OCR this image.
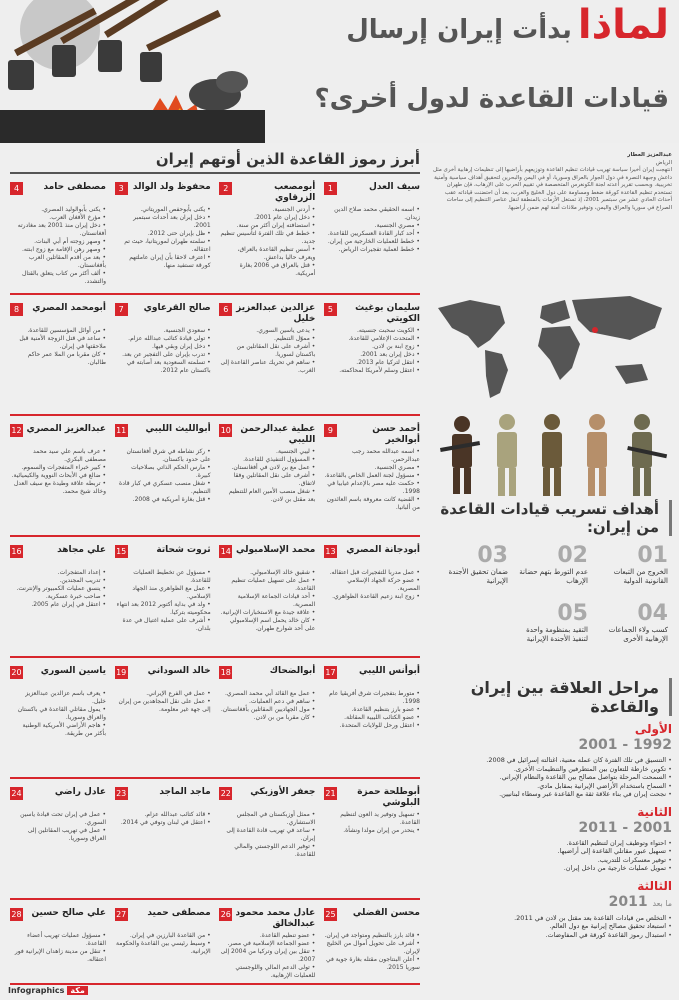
لماذابدأت إيران إرسال
قيادات القاعدة لدول أخرى؟
أبرز رموز القاعدة الذين أوتهم إيران
1	سيف العدل
• اسمه الحقيقي محمد صلاح الدين زيدان.
• مصري الجنسية.
• أحد كبار القادة العسكريين للقاعدة.
• خطط للعمليات الخارجية من إيران.
• خطط لعملية تفجيرات الرياض.
2	أبومصعب الزرقاوي
• أردني الجنسية.
• دخل إيران عام 2001.
• استضافته إيران أكثر من سنة.
• خطط في تلك الفترة لتأسيس تنظيم جديد.
• أسس تنظيم القاعدة بالعراق، ويعرف حاليا بداعش.
• قتل بالعراق في 2006 بغارة أمريكية.
3	محفوظ ولد الوالد
• يكنى بأبوحفص الموريتاني.
• دخل إيران بعد أحداث سبتمبر 2001.
• ظل بإيران حتى 2012.
• سلمته طهران لموريتانيا، حيث تم اعتقاله.
• اعترف لاحقا بأن إيران عاملتهم كورقة تستفيد منها.
4	مصطفى حامد
• يكنى بأبوالوليد المصري.
• مؤرخ الأفغان العرب.
• دخل إيران منذ 2001 بعد مغادرته أفغانستان.
• وصهر زوجته أم أبي البنات.
• وصهر رهن الإقامة مع زوج ابنته.
• بعد من أقدم المقاتلين العرب بأفغانستان.
• ألف أكثر من كتاب يتعلق بالقتال والتشدد.
5	سليمان بوغيث الكويتي
• الكويت سحبت جنسيته.
• المتحدث الإعلامي للقاعدة.
• زوج ابنة بن لادن.
• دخل إيران بعد 2001.
• انتقل لتركيا عام 2013.
• اعتقل وسلم لأمريكا لمحاكمته.
6 عزالدين عبدالعزيز خليل
• يدعى ياسين السوري.
• مموّل التنظيم.
• أشرف على نقل المقاتلين من باكستان لسوريا.
• ساهم في تحريك عناصر القاعدة إلى الغرب.
7	صالح القرعاوي
• سعودي الجنسية.
• تولى قيادة كتائب عبدالله عزام.
• دخل إيران وبقي فيها.
• تدرب بإيران على التفجير عن بعد.
• تسلمته السعودية بعد أصابته في باكستان عام 2012.
8	أبومحمد المصري
• من أوائل المؤسسين للقاعدة.
• ساعد في قتل الزوجة الأمنية قبل ملاحقتها في إيران.
• كان مقربا من الملا عمر حاكم طالبان.
9	أحمد حسن أبوالخير
• اسمه عبدالله محمد رجب عبدالرحمن.
• مصري الجنسية.
• مسؤول لجنة العمل الخاص بالقاعدة.
• حكمت عليه مصر بالإعدام غيابيا في 1998.
• القضية كانت معروفة باسم العائدون من ألبانيا.
10	عطية عبدالرحمن الليبي
• ليبي الجنسية.
• المسؤول التنفيذي للقاعدة.
• عمل مع بن لادن في أفغانستان.
• أشرف على نقل المقاتلين وفقا لاتفاق.
• شغل منصب الأمين العام للتنظيم بعد مقتل بن لادن.
11	أبوالليث الليبي
• ركز نشاطه في شرق أفغانستان على حدود باكستان.
• مارس الحكم الذاتي بصلاحيات كبيرة.
• شغل منصب عسكري في كبار قادة التنظيم.
• قتل بغارة أمريكية في 2008.
12 عبدالعزيز المصري
• عرف باسم علي سيد محمد مصطفى البكري.
• كبير خبراء المتفجرات والسموم.
• ضالع في الأبحاث النووية والكيميائية.
• تربطه علاقة وطيدة مع سيف العدل وخالد شيخ محمد.
13	أبودجانة المصري
• عمل مدربا للتفجيرات قبل اعتقاله.
• عضو حركة الجهاد الإسلامي المصرية.
• زوج ابنة زعيم القاعدة الظواهري.
14 محمد الإسلامبولي
• شقيق خالد الإسلامبولي.
• عمل على تسهيل عمليات تنظيم القاعدة.
• أحد قيادات الجماعة الإسلامية المصرية.
• علاقة جيدة مع الاستخبارات الإيرانية.
• كان خالد يحمل اسم الإسلامبولي على أحد شوارع طهران.
15	ثروت شحاتة
• مسؤول عن تخطيط العمليات للقاعدة.
• عمل مع الظواهري منذ الجهاد الإسلامي.
• ولد في بداية أكتوبر 2012 بعد انتهاء محكوميته بتركيا.
• أشرف على عملية اغتيال في عدة بلدان.
16	علي مجاهد
• إعداد المتفجرات.
• تدريب المجندين.
• ينسق عمليات الكمبيوتر والإنترنت.
• صاحب خبرة عسكرية.
• اعتقل في إيران عام 2005.
17	أبوأنس الليبي
• متورط بتفجيرات شرق أفريقيا عام 1998.
• عضو بارز بتنظيم القاعدة.
• عضو الكتائب الليبية المقاتلة.
• اعتقل ورحل للولايات المتحدة.
18	أبوالضحاك
• عمل مع القائد أبي محمد المصري.
• ساهم في دعم العمليات.
• مول الجهاديين المقاتلين بأفغانستان.
• كان مقربا من بن لادن.
19	خالد السوداني
• عمل في الفرع الإيراني.
• عمل على نقل المجاهدين من إيران إلى جهة غير معلومة.
20	ياسين السوري
• يعرف باسم عزالدين عبدالعزيز خليل.
• يمول مقاتلي القاعدة في باكستان والعراق وسوريا.
• هاجم الأراضي الأمريكية الوطنية بأكثر من طريقة.
21	أبوطلحة حمزة البلوشي
• تسهيل وتوفير يد العون لتنظيم القاعدة.
• ينحدر من إيران مولدا ونشأة.
22	جعفر الأوزبكي
• ممثل أوزبكستان في المجلس الاستشاري.
• ساعد في تهريب قادة القاعدة إلى إيران.
• توفير الدعم اللوجستي والمالي للقاعدة.
23	ماجد الماجد
• قائد كتائب عبدالله عزام.
• اعتقل في لبنان وتوفي في 2014.
24	عادل راضي
• عمل في إيران تحت قيادة ياسين السوري.
• عمل في تهريب المقاتلين إلى العراق وسوريا.
25	محسن الفضلي
• قائد بارز بالتنظيم ومتواجد في إيران.
• أشرف على تحويل أموال من الخليج لإيران.
• أعلن البنتاجون مقتله بغارة جوية في سوريا 2015.
26 عادل محمد محمود عبدالخالق
• عضو تنظيم القاعدة.
• عضو الجماعة الإسلامية في مصر.
• تنقل بين إيران وتركيا من 2004 إلى 2007.
• تولى الدعم المالي واللوجستي للعمليات الإرهابية.
27	مصطفى حميد
• من القاعدة البارزين في إيران.
• وسيط رئيسي بين القاعدة والحكومة الإيرانية.
28	علي صالح حسين
• مسؤول عمليات تهريب أعضاء القاعدة.
• تنقل من مدينة زاهدان الإيرانية فور اعتقاله.
عبدالعزيز العطار
الرياض

انتهجت إيران أخيرا سياسة تهريب قيادات تنظيم القاعدة وتوزيعهم بأراضيها إلى تنظيمات إرهابية أخرى مثل داعش وجبهة النصرة في دول الجوار بالعراق وسوريا، أو في اليمن والبحرين لتحقيق أهداف سياسية وأمنية تخريبية. وبحسب تقرير أعدته لجنة الكونغرس المتخصصة في تقييم الحرب على الإرهاب، فإن طهران تستخدم تنظيم القاعدة كورقة ضغط ومساومة على دول الخليج والغرب، بعد أن احتضنت قياداته عقب أحداث الحادي عشر من سبتمبر 2001، إذ تستغل الأزمات بالمنطقة لنقل عناصر التنظيم إلى ساحات الصراع في سوريا والعراق واليمن، وتوفير ملاذات آمنة لهم ضمن أراضيها.

أهداف تسريب قيادات القاعدة من إيران:
01
الخروج من التبعات القانونية الدولية
02
عدم التورط بتهم حضانة الإرهاب
03
ضمان تحقيق الأجندة الإيرانية
04
كسب ولاء الجماعات الإرهابية الأخرى
05
التقيد بمنظومة واحدة لتنفيذ الأجندة الإيرانية
مراحل العلاقة بين إيران والقاعدة
الأولى
1992 - 2001
• التنسيق في تلك الفترة كان عمله معنية، اغتالته إسرائيل في 2008.
• تكوين خارطة للتعاون بين المتطرفين والتنظيمات الأخرى.
• السمحت المرحلة بتواصل مصالح بين القاعدة والنظام الإيراني.
• السماح باستخدام الأراضي الإيرانية بمقابل مادي.
• نجحت إيران في بناء علاقة ثقة مع القاعدة عبر وسطاء لبنانيين.
الثانية
2001 - 2011
• احتواء وتوظيف إيران لتنظيم القاعدة.
• تسهيل عبور مقاتلي القاعدة إلى أراضيها.
• توفير معسكرات للتدريب.
• تمويل عمليات خارجية من داخل إيران.
الثالثة
ما بعد 2011
• التخلص من قيادات القاعدة بعد مقتل بن لادن في 2011.
• استبعاد تحقيق مصالح إيرانية مع دول العالم.
• استبدال رموز القاعدة كورقة في المفاوضات.
Infographics مكة
